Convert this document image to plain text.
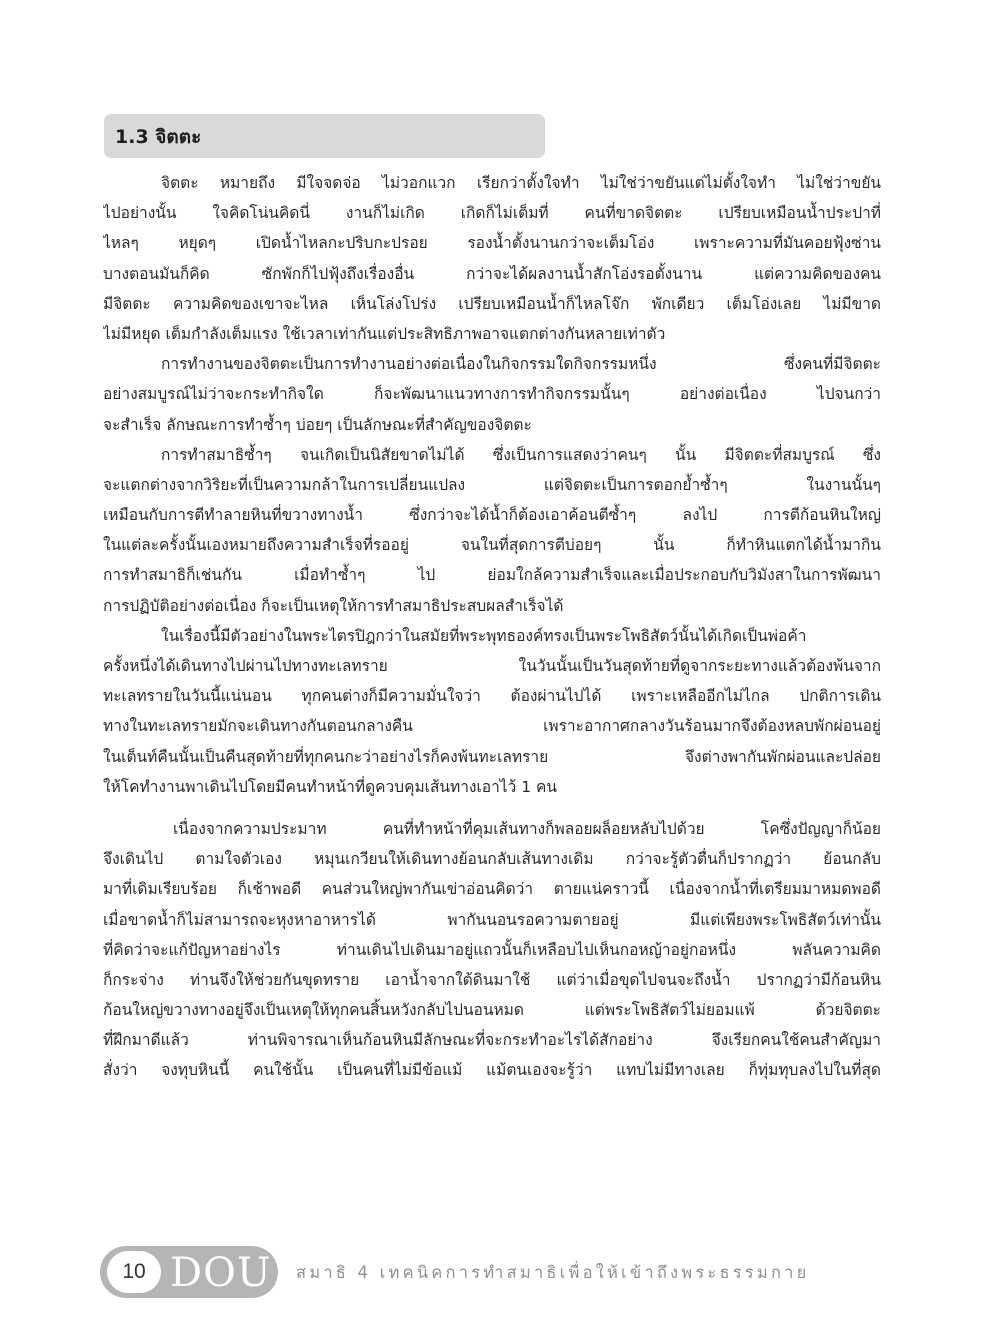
1.3 จิตตะ
จิตตะ หมายถึง มีใจจดจ่อ ไม่วอกแวก เรียกว่าตั้งใจทำ ไม่ใช่ว่าขยันแต่ไม่ตั้งใจทำ ไม่ใช่ว่าขยัน
ไปอย่างนั้น ใจคิดโน่นคิดนี่ งานก็ไม่เกิด เกิดก็ไม่เต็มที่ คนที่ขาดจิตตะ เปรียบเหมือนน้ำประปาที่
ไหลๆ หยุดๆ เปิดน้ำไหลกะปริบกะปรอย รองน้ำตั้งนานกว่าจะเต็มโอ่ง เพราะความที่มันคอยฟุ้งซ่าน
บางตอนมันก็คิด ซักพักก็ไปฟุ้งถึงเรื่องอื่น กว่าจะได้ผลงานน้ำสักโอ่งรอตั้งนาน แต่ความคิดของคน
มีจิตตะ ความคิดของเขาจะไหล เห็นโล่งโปร่ง เปรียบเหมือนน้ำก็ไหลโจ๊ก พักเดียว เต็มโอ่งเลย ไม่มีขาด
ไม่มีหยุด เต็มกำลังเต็มแรง ใช้เวลาเท่ากันแต่ประสิทธิภาพอาจแตกต่างกันหลายเท่าตัว
การทำงานของจิตตะเป็นการทำงานอย่างต่อเนื่องในกิจกรรมใดกิจกรรมหนึ่ง ซึ่งคนที่มีจิตตะ
อย่างสมบูรณ์ไม่ว่าจะกระทำกิจใด ก็จะพัฒนาแนวทางการทำกิจกรรมนั้นๆ อย่างต่อเนื่อง ไปจนกว่า
จะสำเร็จ ลักษณะการทำซ้ำๆ บ่อยๆ เป็นลักษณะที่สำคัญของจิตตะ
การทำสมาธิซ้ำๆ จนเกิดเป็นนิสัยขาดไม่ได้ ซึ่งเป็นการแสดงว่าคนๆ นั้น มีจิตตะที่สมบูรณ์ ซึ่ง
จะแตกต่างจากวิริยะที่เป็นความกล้าในการเปลี่ยนแปลง แต่จิตตะเป็นการตอกย้ำซ้ำๆ ในงานนั้นๆ
เหมือนกับการตีทำลายหินที่ขวางทางน้ำ ซึ่งกว่าจะได้น้ำก็ต้องเอาค้อนตีซ้ำๆ ลงไป การตีก้อนหินใหญ่
ในแต่ละครั้งนั้นเองหมายถึงความสำเร็จที่รออยู่ จนในที่สุดการตีบ่อยๆ นั้น ก็ทำหินแตกได้น้ำมากิน
การทำสมาธิก็เช่นกัน เมื่อทำซ้ำๆ ไป ย่อมใกล้ความสำเร็จและเมื่อประกอบกับวิมังสาในการพัฒนา
การปฏิบัติอย่างต่อเนื่อง ก็จะเป็นเหตุให้การทำสมาธิประสบผลสำเร็จได้
ในเรื่องนี้มีตัวอย่างในพระไตรปิฎกว่าในสมัยที่พระพุทธองค์ทรงเป็นพระโพธิสัตว์นั้นได้เกิดเป็นพ่อค้า
ครั้งหนึ่งได้เดินทางไปผ่านไปทางทะเลทราย ในวันนั้นเป็นวันสุดท้ายที่ดูจากระยะทางแล้วต้องพ้นจาก
ทะเลทรายในวันนี้แน่นอน ทุกคนต่างก็มีความมั่นใจว่า ต้องผ่านไปได้ เพราะเหลืออีกไม่ไกล ปกติการเดิน
ทางในทะเลทรายมักจะเดินทางกันตอนกลางคืน เพราะอากาศกลางวันร้อนมากจึงต้องหลบพักผ่อนอยู่
ในเต็นท์คืนนั้นเป็นคืนสุดท้ายที่ทุกคนกะว่าอย่างไรก็คงพ้นทะเลทราย จึงต่างพากันพักผ่อนและปล่อย
ให้โคทำงานพาเดินไปโดยมีคนทำหน้าที่ดูควบคุมเส้นทางเอาไว้ 1 คน
เนื่องจากความประมาท คนที่ทำหน้าที่คุมเส้นทางก็พลอยผล็อยหลับไปด้วย โคซึ่งปัญญาก็น้อย
จึงเดินไป ตามใจตัวเอง หมุนเกวียนให้เดินทางย้อนกลับเส้นทางเดิม กว่าจะรู้ตัวตื่นก็ปรากฏว่า ย้อนกลับ
มาที่เดิมเรียบร้อย ก็เช้าพอดี คนส่วนใหญ่พากันเข่าอ่อนคิดว่า ตายแน่คราวนี้ เนื่องจากน้ำที่เตรียมมาหมดพอดี
เมื่อขาดน้ำก็ไม่สามารถจะหุงหาอาหารได้ พากันนอนรอความตายอยู่ มีแต่เพียงพระโพธิสัตว์เท่านั้น
ที่คิดว่าจะแก้ปัญหาอย่างไร ท่านเดินไปเดินมาอยู่แถวนั้นก็เหลือบไปเห็นกอหญ้าอยู่กอหนึ่ง พลันความคิด
ก็กระจ่าง ท่านจึงให้ช่วยกันขุดทราย เอาน้ำจากใต้ดินมาใช้ แต่ว่าเมื่อขุดไปจนจะถึงน้ำ ปรากฏว่ามีก้อนหิน
ก้อนใหญ่ขวางทางอยู่จึงเป็นเหตุให้ทุกคนสิ้นหวังกลับไปนอนหมด แต่พระโพธิสัตว์ไม่ยอมแพ้ ด้วยจิตตะ
ที่ฝึกมาดีแล้ว ท่านพิจารณาเห็นก้อนหินมีลักษณะที่จะกระทำอะไรได้สักอย่าง จึงเรียกคนใช้คนสำคัญมา
สั่งว่า จงทุบหินนี้ คนใช้นั้น เป็นคนที่ไม่มีข้อแม้ แม้ตนเองจะรู้ว่า แทบไม่มีทางเลย ก็ทุ่มทุบลงไปในที่สุด
10 DOU สมาธิ 4 เทคนิคการทำสมาธิเพื่อให้เข้าถึงพระธรรมกาย
